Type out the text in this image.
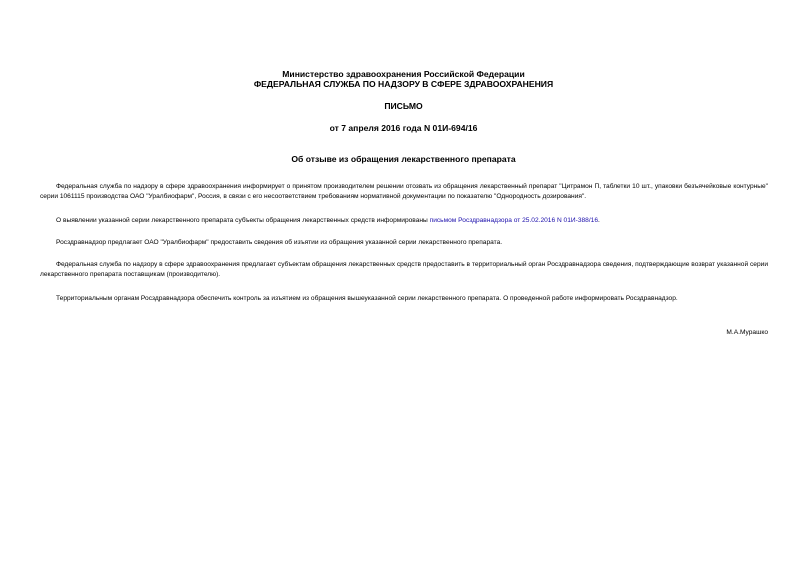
Министерство здравоохранения Российской Федерации
ФЕДЕРАЛЬНАЯ СЛУЖБА ПО НАДЗОРУ В СФЕРЕ ЗДРАВООХРАНЕНИЯ
ПИСЬМО
от 7 апреля 2016 года N 01И-694/16
Об отзыве из обращения лекарственного препарата

Федеральная служба по надзору в сфере здравоохранения информирует о принятом производителем решении отозвать из обращения лекарственный препарат "Цитрамон П, таблетки 10 шт., упаковки безъячейковые контурные" серии 1061115 производства ОАО "Уралбиофарм", Россия, в связи с его несоответствием требованиям нормативной документации по показателю "Однородность дозирования".

О выявлении указанной серии лекарственного препарата субъекты обращения лекарственных средств информированы письмом Росздравнадзора от 25.02.2016 N 01И-388/16.

Росздравнадзор предлагает ОАО "Уралбиофарм" предоставить сведения об изъятии из обращения указанной серии лекарственного препарата.

Федеральная служба по надзору в сфере здравоохранения предлагает субъектам обращения лекарственных средств предоставить в территориальный орган Росздравнадзора сведения, подтверждающие возврат указанной серии лекарственного препарата поставщикам (производителю).

Территориальным органам Росздравнадзора обеспечить контроль за изъятием из обращения вышеуказанной серии лекарственного препарата. О проведенной работе информировать Росздравнадзор.

М.А.Мурашко
